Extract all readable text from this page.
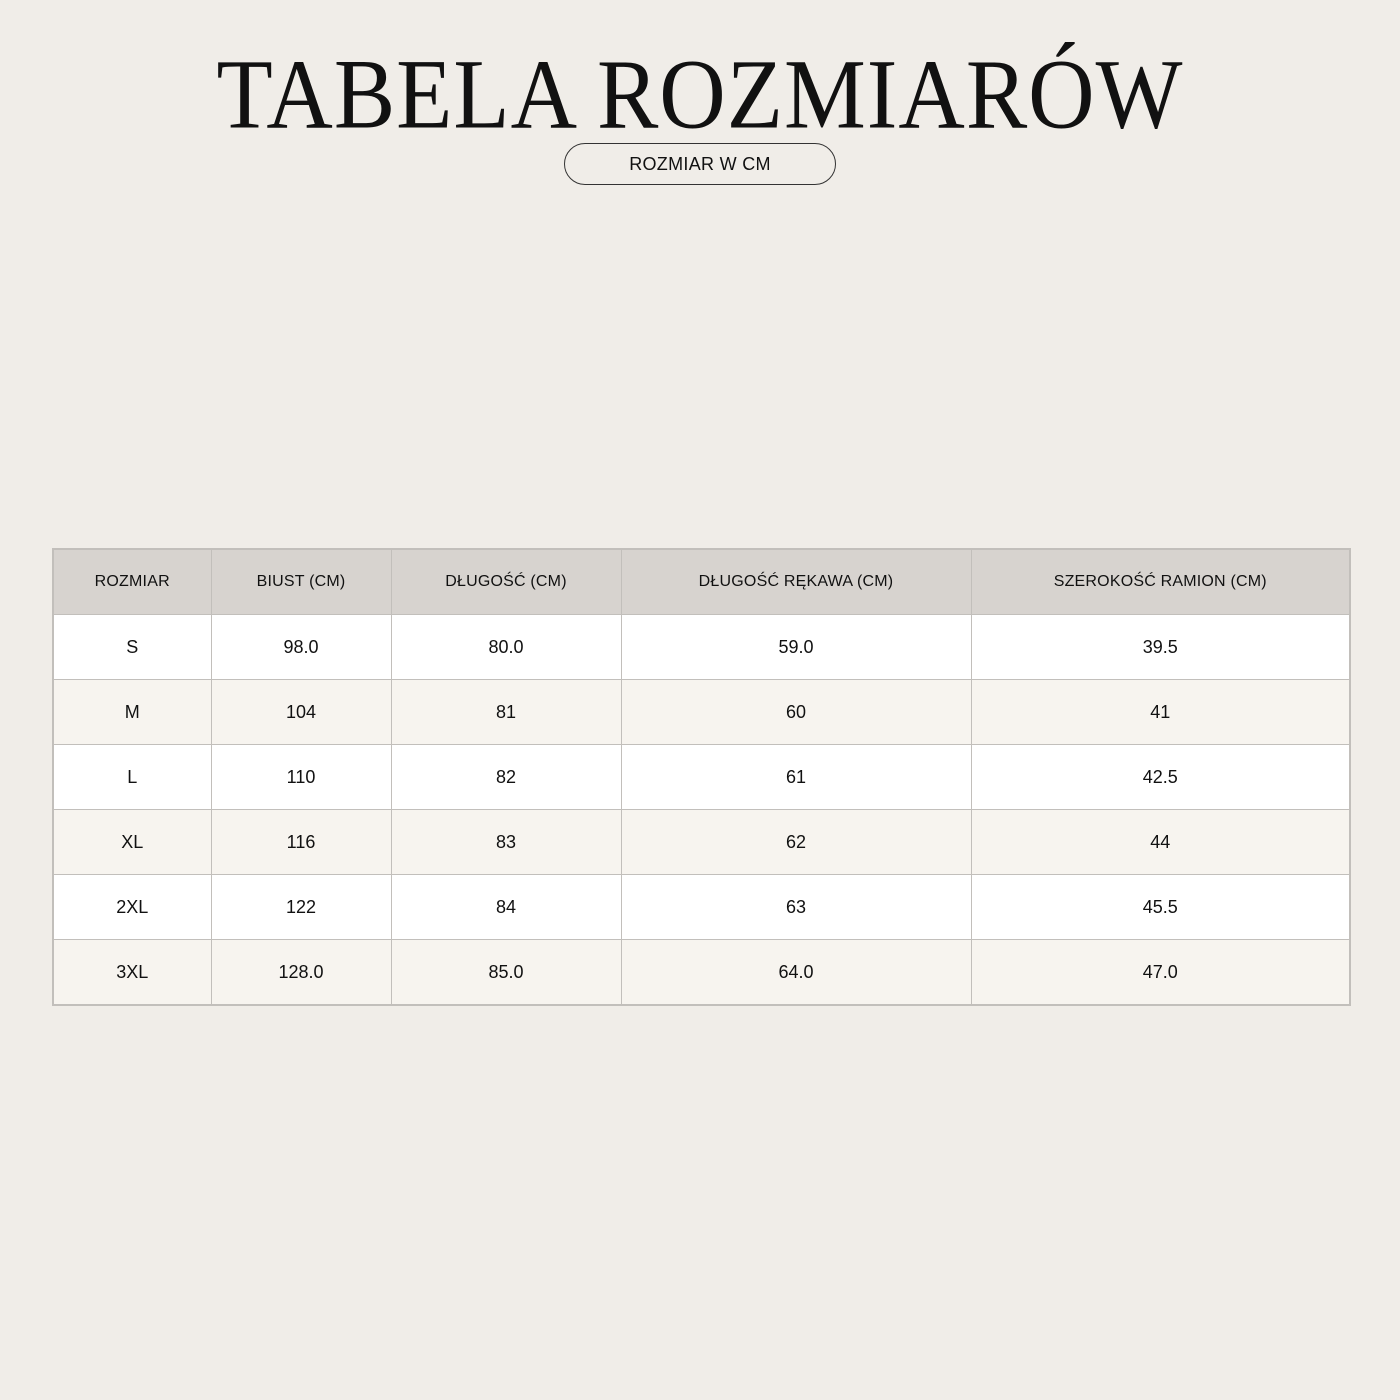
TABELA ROZMIARÓW
ROZMIAR W CM
ROZMIAR	BIUST (CM)	DŁUGOŚĆ (CM)	DŁUGOŚĆ RĘKAWA (CM)	SZEROKOŚĆ RAMION (CM)
S	98.0	80.0	59.0	39.5
M	104	81	60	41
L	110	82	61	42.5
XL	116	83	62	44
2XL	122	84	63	45.5
3XL	128.0	85.0	64.0	47.0
